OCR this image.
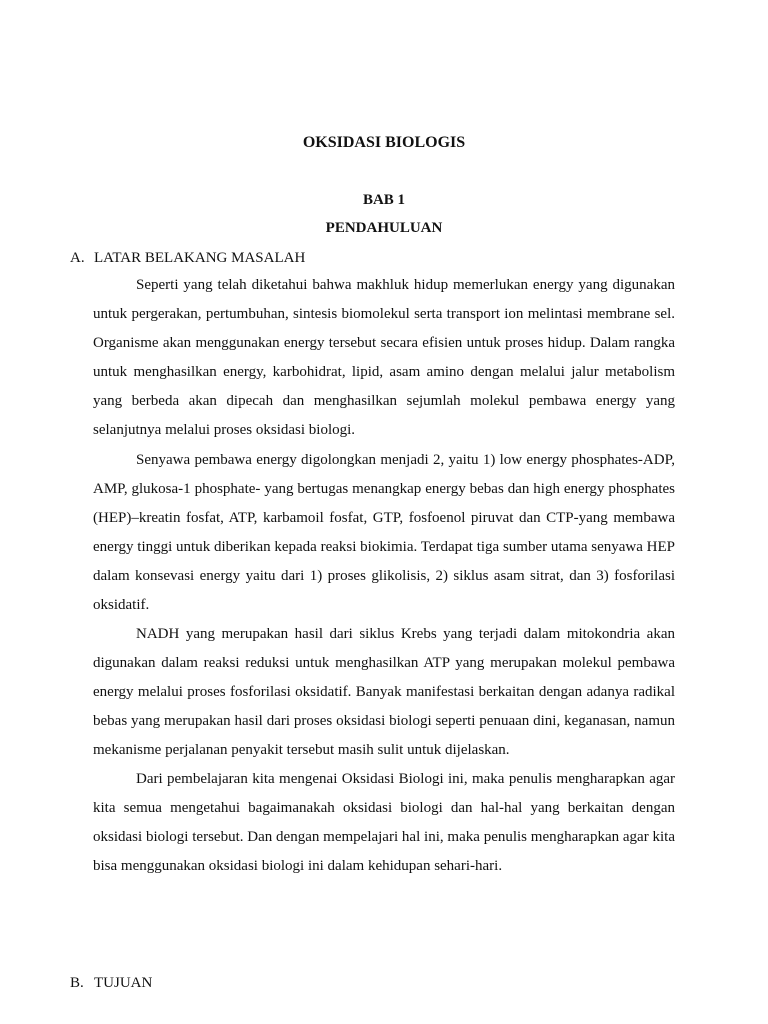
OKSIDASI BIOLOGIS
BAB 1
PENDAHULUAN
A. LATAR BELAKANG MASALAH

Seperti yang telah diketahui bahwa makhluk hidup memerlukan energy yang digunakan untuk pergerakan, pertumbuhan, sintesis biomolekul serta transport ion melintasi membrane sel. Organisme akan menggunakan energy tersebut secara efisien untuk proses hidup. Dalam rangka untuk menghasilkan energy, karbohidrat, lipid, asam amino dengan melalui jalur metabolism yang berbeda akan dipecah dan menghasilkan sejumlah molekul pembawa energy yang selanjutnya melalui proses oksidasi biologi.

Senyawa pembawa energy digolongkan menjadi 2, yaitu 1) low energy phosphates-ADP, AMP, glukosa-1 phosphate- yang bertugas menangkap energy bebas dan high energy phosphates (HEP)–kreatin fosfat, ATP, karbamoil fosfat, GTP, fosfoenol piruvat dan CTP-yang membawa energy tinggi untuk diberikan kepada reaksi biokimia. Terdapat tiga sumber utama senyawa HEP dalam konsevasi energy yaitu dari 1) proses glikolisis, 2) siklus asam sitrat, dan 3) fosforilasi oksidatif.

NADH yang merupakan hasil dari siklus Krebs yang terjadi dalam mitokondria akan digunakan dalam reaksi reduksi untuk menghasilkan ATP yang merupakan molekul pembawa energy melalui proses fosforilasi oksidatif. Banyak manifestasi berkaitan dengan adanya radikal bebas yang merupakan hasil dari proses oksidasi biologi seperti penuaan dini, keganasan, namun mekanisme perjalanan penyakit tersebut masih sulit untuk dijelaskan.

Dari pembelajaran kita mengenai Oksidasi Biologi ini, maka penulis mengharapkan agar kita semua mengetahui bagaimanakah oksidasi biologi dan hal-hal yang berkaitan dengan oksidasi biologi tersebut. Dan dengan mempelajari hal ini, maka penulis mengharapkan agar kita bisa menggunakan oksidasi biologi ini dalam kehidupan sehari-hari.

B. TUJUAN
